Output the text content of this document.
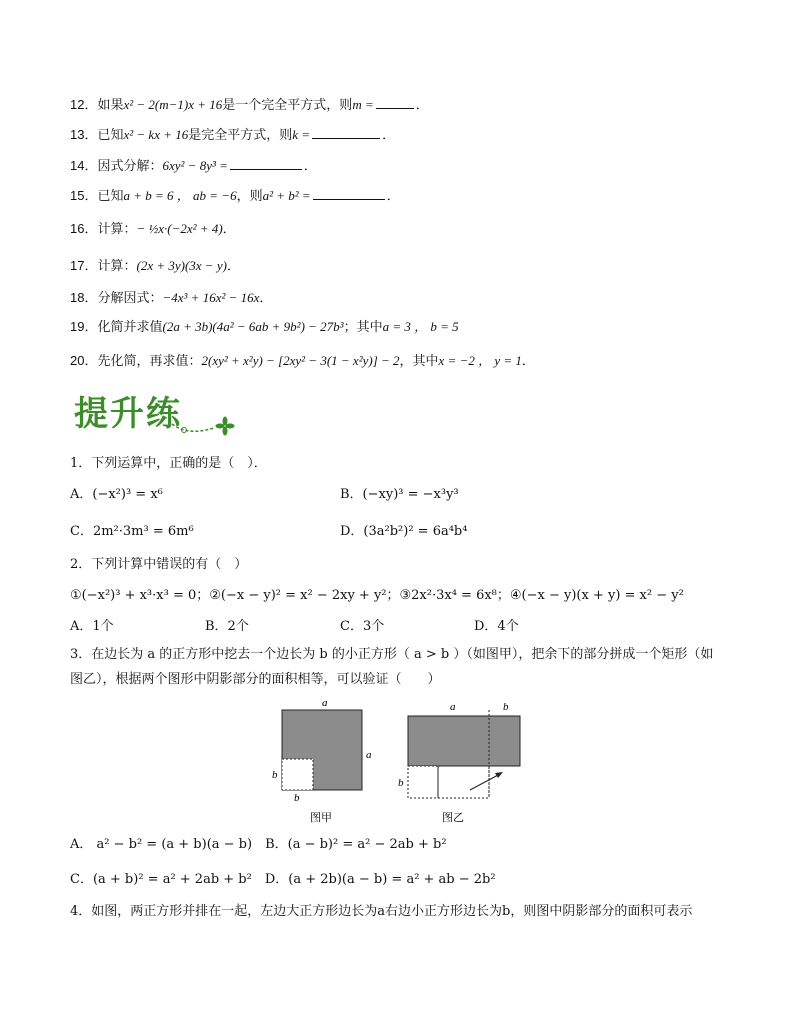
12．如果x² − 2(m−1)x + 16是一个完全平方式，则m =	．
13．已知x² − kx + 16是完全平方式，则k =	．
14．因式分解：6xy² − 8y³ =	．
15．已知a + b = 6 ， ab = −6，则a² + b² =	．
16．计算：− ½x·(−2x² + 4)．
17．计算：(2x + 3y)(3x − y)．
18．分解因式：−4x³ + 16x² − 16x．
19．化简并求值(2a + 3b)(4a² − 6ab + 9b²) − 27b³；其中a = 3 ， b = 5
20．先化简，再求值：2(xy² + x²y) − [2xy² − 3(1 − x²y)] − 2，其中x = −2 ， y = 1．
提升练
1．下列运算中，正确的是（　）．
A．(−x²)³ = x⁶	B．(−xy)³ = −x³y³
C．2m²·3m³ = 6m⁶	D．(3a²b²)² = 6a⁴b⁴
2．下列计算中错误的有（　）
①(−x²)³ + x³·x³ = 0；②(−x − y)² = x² − 2xy + y²；③2x²·3x⁴ = 6x⁸；④(−x − y)(x + y) = x² − y²
A．1个	B．2个	C．3个	D．4个
3．在边长为 a 的正方形中挖去一个边长为 b 的小正方形（ a > b ）（如图甲），把余下的部分拼成一个矩形（如
图乙），根据两个图形中阴影部分的面积相等，可以验证（　　）
a
a
b
b
图甲
a	b
b
图乙
A． a² − b² = (a + b)(a − b)　B．(a − b)² = a² − 2ab + b²
C．(a + b)² = a² + 2ab + b²　D．(a + 2b)(a − b) = a² + ab − 2b²
4．如图，两正方形并排在一起，左边大正方形边长为a右边小正方形边长为b，则图中阴影部分的面积可表示
